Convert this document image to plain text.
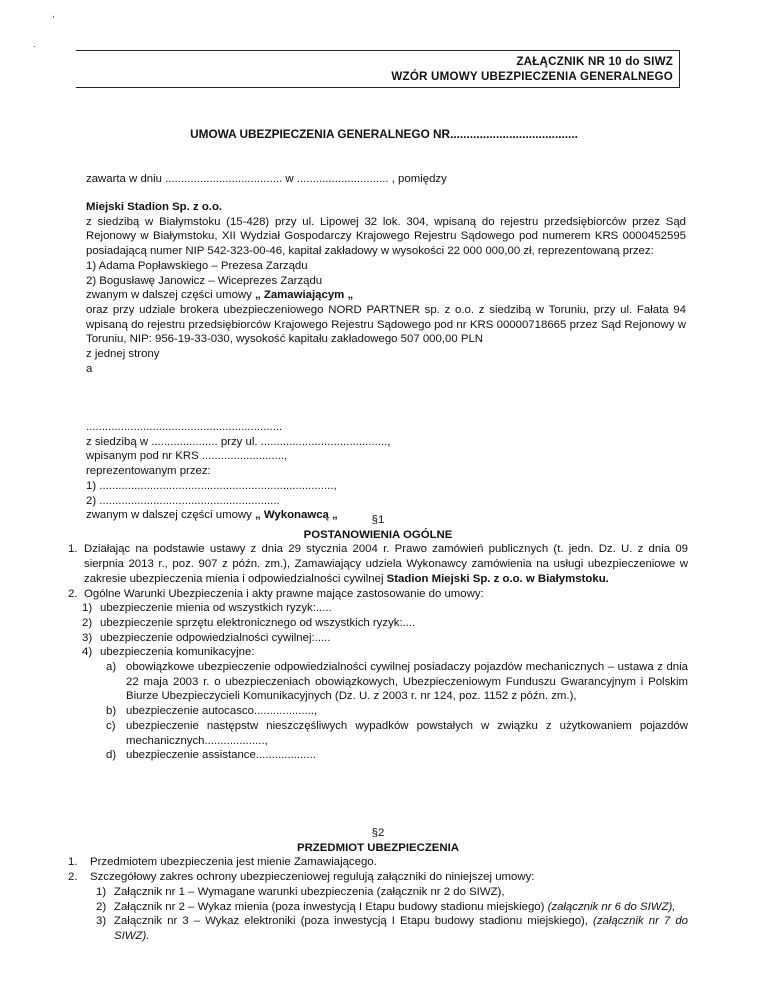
,
·
ZAŁĄCZNIK NR 10 do SIWZ
WZÓR UMOWY UBEZPIECZENIA GENERALNEGO
UMOWA UBEZPIECZENIA GENERALNEGO NR.......................................

zawarta w dniu ..................................... w ............................. , pomiędzy

Miejski Stadion Sp. z o.o.

z siedzibą w Białymstoku (15-428) przy ul. Lipowej 32 lok. 304, wpisaną do rejestru przedsiębiorców przez Sąd Rejonowy w Białymstoku, XII Wydział Gospodarczy Krajowego Rejestru Sądowego pod numerem KRS 0000452595 posiadającą numer NIP 542-323-00-46, kapitał zakładowy w wysokości 22 000 000,00 zł, reprezentowaną przez:

1) Adama Popławskiego – Prezesa Zarządu

2) Bogusławę Janowicz – Wiceprezes Zarządu

zwanym w dalszej części umowy „ Zamawiającym „

oraz przy udziale brokera ubezpieczeniowego NORD PARTNER sp. z o.o. z siedzibą w Toruniu, przy ul. Fałata 94 wpisaną do rejestru przedsiębiorców Krajowego Rejestru Sądowego pod nr KRS 00000718665 przez Sąd Rejonowy w Toruniu, NIP: 956-19-33-030, wysokość kapitału zakładowego 507 000,00 PLN

z jednej strony

a

..............................................................

z siedzibą w ..................... przy ul. ........................................,

wpisanym pod nr KRS ..........................,

reprezentowanym przez:

1) ..........................................................................,

2) .........................................................

zwanym w dalszej części umowy „ Wykonawcą „	§1

POSTANOWIENIA OGÓLNE

1. Działając na podstawie ustawy z dnia 29 stycznia 2004 r. Prawo zamówień publicznych (t. jedn. Dz. U. z dnia 09 sierpnia 2013 r., poz. 907 z późn. zm.), Zamawiający udziela Wykonawcy zamówienia na usługi ubezpieczeniowe w zakresie ubezpieczenia mienia i odpowiedzialności cywilnej Stadion Miejski Sp. z o.o. w Białymstoku.

2. Ogólne Warunki Ubezpieczenia i akty prawne mające zastosowanie do umowy:

1) ubezpieczenie mienia od wszystkich ryzyk:.....
2) ubezpieczenie sprzętu elektronicznego od wszystkich ryzyk:....
3) ubezpieczenie odpowiedzialności cywilnej:.....
4) ubezpieczenia komunikacyjne:
a) obowiązkowe ubezpieczenie odpowiedzialności cywilnej posiadaczy pojazdów mechanicznych – ustawa z dnia 22 maja 2003 r. o ubezpieczeniach obowiązkowych, Ubezpieczeniowym Funduszu Gwarancyjnym i Polskim Biurze Ubezpieczycieli Komunikacyjnych (Dz. U. z 2003 r. nr 124, poz. 1152 z późn. zm.),
b) ubezpieczenie autocasco...................,
c) ubezpieczenie następstw nieszczęśliwych wypadków powstałych w związku z użytkowaniem pojazdów mechanicznych...................,
d) ubezpieczenie assistance...................

§2

PRZEDMIOT UBEZPIECZENIA

1. Przedmiotem ubezpieczenia jest mienie Zamawiającego.
2. Szczegółowy zakres ochrony ubezpieczeniowej regulują załączniki do niniejszej umowy:
1) Załącznik nr 1 – Wymagane warunki ubezpieczenia (załącznik nr 2 do SIWZ),
2) Załącznik nr 2 – Wykaz mienia (poza inwestycją I Etapu budowy stadionu miejskiego) (załącznik nr 6 do SIWZ),
3) Załącznik nr 3 – Wykaz elektroniki (poza inwestycją I Etapu budowy stadionu miejskiego), (załącznik nr 7 do SIWZ).
